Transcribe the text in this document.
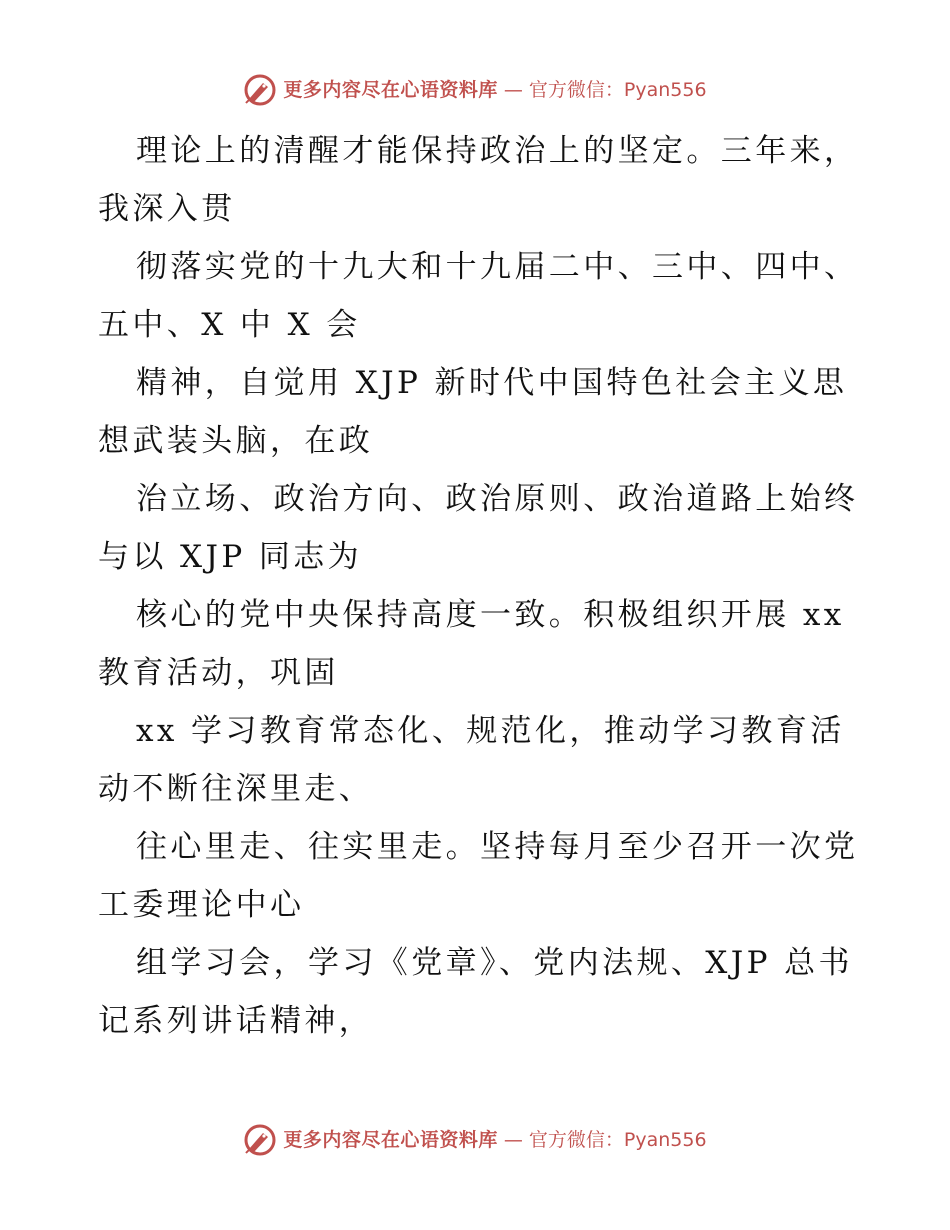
更多内容尽在心语资料库 — 官方微信：Pyan556
理论上的清醒才能保持政治上的坚定。三年来，
我深入贯
彻落实党的十九大和十九届二中、三中、四中、
五中、X 中 X 会
精神，自觉用 XJP 新时代中国特色社会主义思
想武装头脑，在政
治立场、政治方向、政治原则、政治道路上始终
与以 XJP 同志为
核心的党中央保持高度一致。积极组织开展 xx
教育活动，巩固
xx 学习教育常态化、规范化，推动学习教育活
动不断往深里走、
往心里走、往实里走。坚持每月至少召开一次党
工委理论中心
组学习会，学习《党章》、党内法规、XJP 总书
记系列讲话精神，
更多内容尽在心语资料库 — 官方微信：Pyan556
